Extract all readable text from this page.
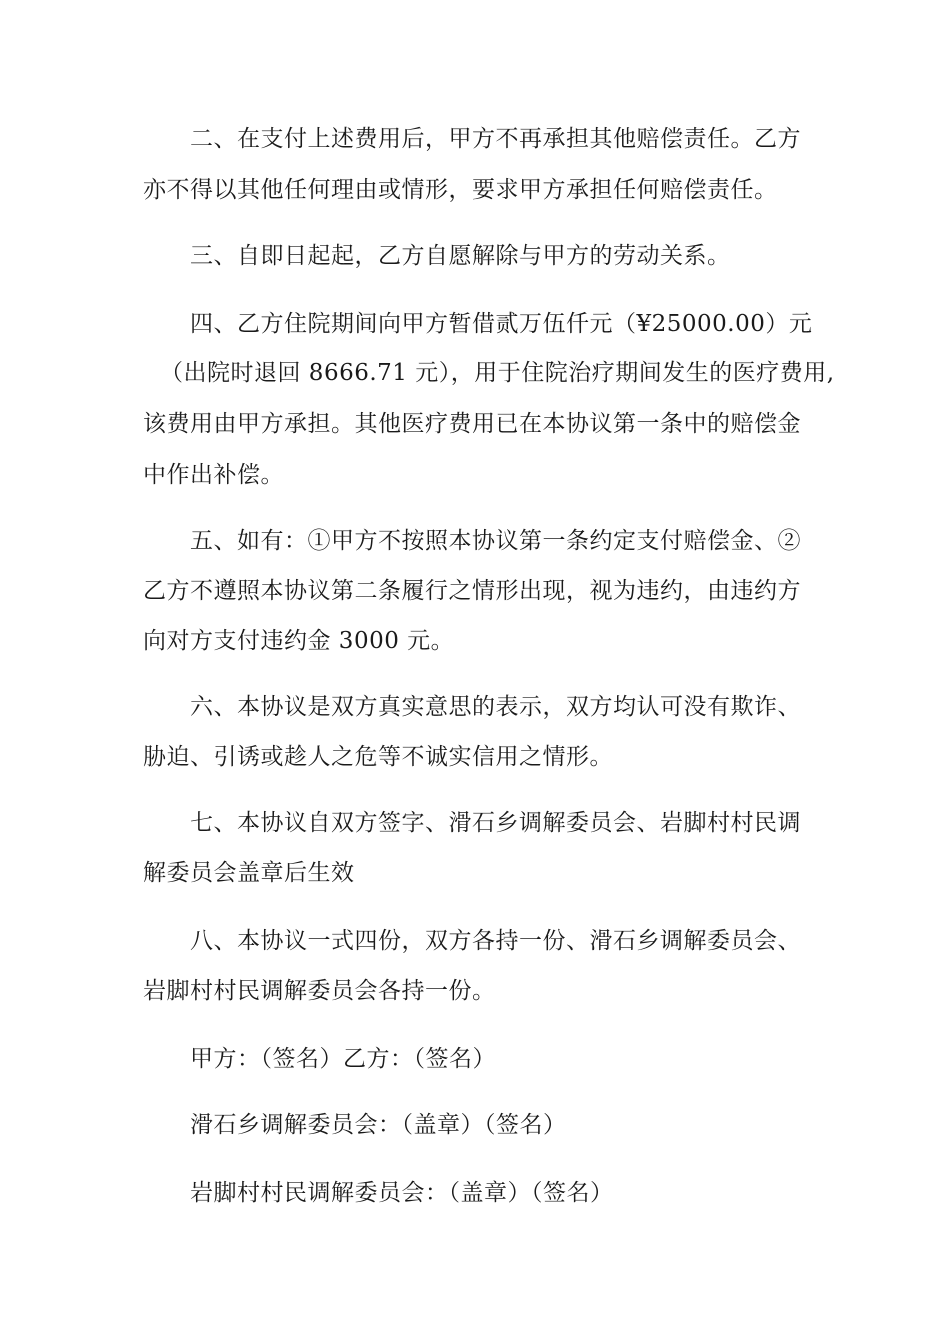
二、在支付上述费用后，甲方不再承担其他赔偿责任。乙方
亦不得以其他任何理由或情形，要求甲方承担任何赔偿责任。
三、自即日起起，乙方自愿解除与甲方的劳动关系。
四、乙方住院期间向甲方暂借贰万伍仟元（¥25000.00）元
（出院时退回 8666.71 元），用于住院治疗期间发生的医疗费用,
该费用由甲方承担。其他医疗费用已在本协议第一条中的赔偿金
中作出补偿。
五、如有：①甲方不按照本协议第一条约定支付赔偿金、②
乙方不遵照本协议第二条履行之情形出现，视为违约，由违约方
向对方支付违约金 3000 元。
六、本协议是双方真实意思的表示，双方均认可没有欺诈、
胁迫、引诱或趁人之危等不诚实信用之情形。
七、本协议自双方签字、滑石乡调解委员会、岩脚村村民调
解委员会盖章后生效
八、本协议一式四份，双方各持一份、滑石乡调解委员会、
岩脚村村民调解委员会各持一份。
甲方：（签名）乙方：（签名）
滑石乡调解委员会：（盖章）（签名）
岩脚村村民调解委员会：（盖章）（签名）
